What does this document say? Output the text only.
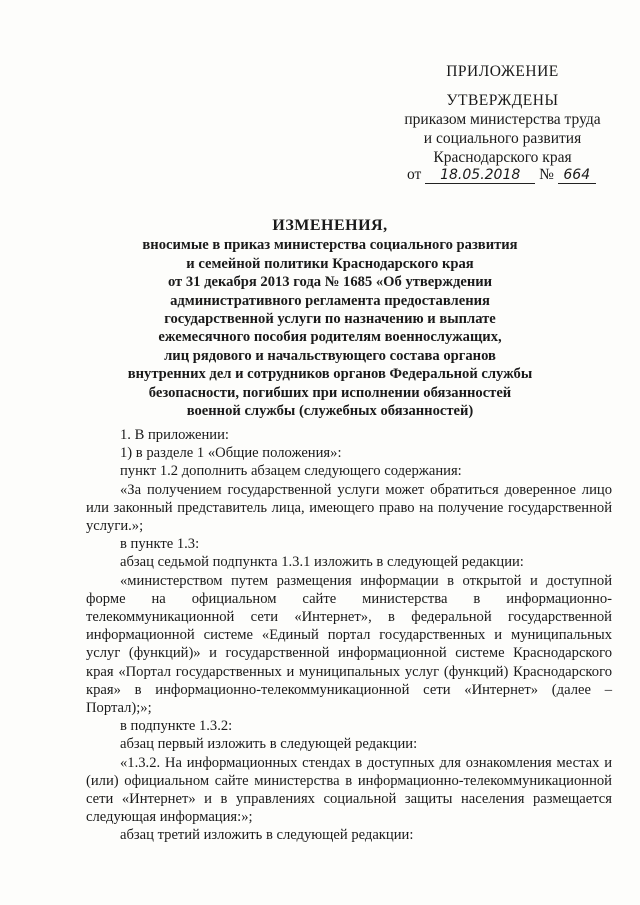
ПРИЛОЖЕНИЕ
УТВЕРЖДЕНЫ
приказом министерства труда
и социального развития
Краснодарского края
от 18.05.2018 № 664
ИЗМЕНЕНИЯ,
вносимые в приказ министерства социального развития
и семейной политики Краснодарского края
от 31 декабря 2013 года № 1685 «Об утверждении
административного регламента предоставления
государственной услуги по назначению и выплате
ежемесячного пособия родителям военнослужащих,
лиц рядового и начальствующего состава органов
внутренних дел и сотрудников органов Федеральной службы
безопасности, погибших при исполнении обязанностей
военной службы (служебных обязанностей)

1. В приложении:

1) в разделе 1 «Общие положения»:

пункт 1.2 дополнить абзацем следующего содержания:

«За получением государственной услуги может обратиться доверенное лицо или законный представитель лица, имеющего право на получение государственной услуги.»;

в пункте 1.3:

абзац седьмой подпункта 1.3.1 изложить в следующей редакции:

«министерством путем размещения информации в открытой и доступной форме на официальном сайте министерства в информационно-телекоммуникационной сети «Интернет», в федеральной государственной информационной системе «Единый портал государственных и муниципальных услуг (функций)» и государственной информационной системе Краснодарского края «Портал государственных и муниципальных услуг (функций) Краснодарского края» в информационно-телекоммуникационной сети «Интернет» (далее – Портал);»;

в подпункте 1.3.2:

абзац первый изложить в следующей редакции:

«1.3.2. На информационных стендах в доступных для ознакомления местах и (или) официальном сайте министерства в информационно-телекоммуникационной сети «Интернет» и в управлениях социальной защиты населения размещается следующая информация:»;

абзац третий изложить в следующей редакции:
